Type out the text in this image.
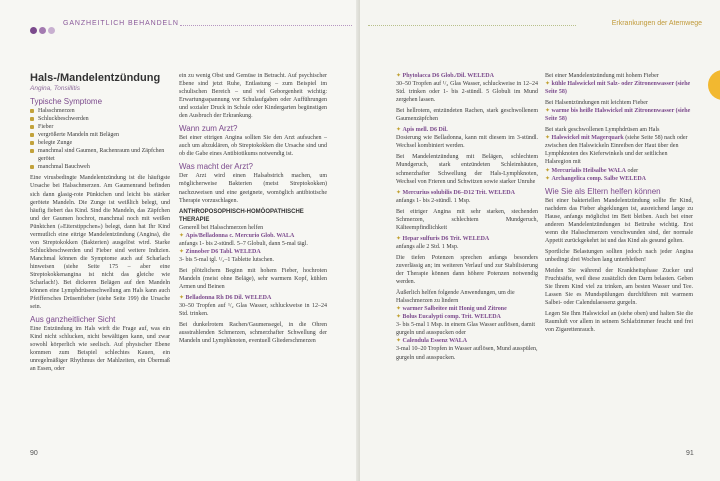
GANZHEITLICH BEHANDELN
Hals-/Mandelentzündung
Angina, Tonsillitis
Typische Symptome
Halsschmerzen
Schluckbeschwerden
Fieber
vergrößerte Mandeln mit Belägen
belegte Zunge
manchmal sind Gaumen, Rachenraum und Zäpfchen gerötet
manchmal Bauchweh

Eine virusbedingte Mandelentzündung ist die häufigste Ursache bei Halsschmerzen. Am Gaumenrand befinden sich dann glasig-rote Pünktchen und leicht bis stärker gerötete Mandeln. Die Zunge ist weißlich belegt, und häufig fiebert das Kind. Sind die Mandeln, das Zäpfchen und der Gaumen hochrot, manchmal noch mit weißen Pünktchen (»Eiterstippchen«) belegt, dann hat Ihr Kind vermutlich eine eitrige Mandelentzündung (Angina), die von Streptokokken (Bakterien) ausgelöst wird. Starke Schluckbeschwerden und Fieber sind weitere Indizien. Manchmal können die Symptome auch auf Scharlach hinweisen (siehe Seite 175 – aber eine Streptokokkenangina ist nicht das gleiche wie Scharlach!). Bei dickeren Belägen auf den Mandeln können eine Lymphdrüsenschwellung am Hals kann auch Pfeiffersches Drüsenfieber (siehe Seite 199) die Ursache sein.

Aus ganzheitlicher Sicht

Eine Entzündung im Hals wirft die Frage auf, was ein Kind nicht schlucken, nicht bewältigen kann, und zwar sowohl körperlich wie seelisch. Auf physischer Ebene kommen zum Beispiel schlechtes Kauen, ein unregelmäßiger Rhythmus der Mahlzeiten, ein Übermaß an Essen, oder

ein zu wenig Obst und Gemüse in Betracht. Auf psychischer Ebene sind jetzt Ruhe, Entlastung – zum Beispiel im schulischen Bereich – und viel Geborgenheit wichtig: Erwartungsspannung vor Schulaufgaben oder Aufführungen und sozialer Druck in Schule oder Kindergarten begünstigen den Ausbruch der Erkrankung.

Wann zum Arzt?

Bei einer eitrigen Angina sollten Sie den Arzt aufsuchen – auch um abzuklären, ob Streptokokken die Ursache sind und ob die Gabe eines Antibiotikums notwendig ist.

Was macht der Arzt?

Der Arzt wird einen Halsabstrich machen, um möglicherweise Bakterien (meist Streptokokken) nachzuweisen und eine geeignete, womöglich antibiotische Therapie vorzuschlagen.

ANTHROPOSOPHISCH-HOMÖOPATHISCHE THERAPIE
Generell bei Halsschmerzen helfen
✦ Apis/Belladonna c. Mercurio Glob. WALA
anfangs 1- bis 2-stündl. 5–7 Globuli, dann 5-mal tägl.
✦ Zinnober D6 Tabl. WELEDA

3- bis 5-mal tgl. ¹/₂–1 Tablette lutschen.

Bei plötzlichem Beginn mit hohem Fieber, hochroten Mandeln (meist ohne Beläge), sehr warmem Kopf, kühlen Armen und Beinen

✦ Belladonna Rh D6 Dil. WELEDA

30–50 Tropfen auf ¹/₂ Glas Wasser, schluckweise in 12–24 Std. trinken.

Bei dunkelrotem Rachen/Gaumensegel, in die Ohren ausstrahlenden Schmerzen, schmerzhafter Schwellung der Mandeln und Lymphknoten, eventuell Gliederschmerzen

90
Erkrankungen der Atemwege
✦ Phytolacca D6 Glob./Dil. WELEDA

30–50 Tropfen auf ¹/₂ Glas Wasser, schluckweise in 12–24 Std. trinken oder 1- bis 2-stündl. 5 Globuli im Mund zergehen lassen.

Bei hellrotem, entzündeten Rachen, stark geschwollenem Gaumenzäpfchen

✦ Apis mell. D6 Dil.

Dosierung wie Belladonna, kann mit diesem im 3-stündl. Wechsel kombiniert werden.

Bei Mandelentzündung mit Belägen, schlechtem Mundgeruch, stark entzündeten Schleimhäuten, schmerzhafter Schwellung der Hals-Lymphknoten, Wechsel von Frieren und Schwitzen sowie starker Unruhe

✦ Mercurius solubilis D6–D12 Trit. WELEDA

anfangs 1- bis 2-stündl. 1 Msp.

Bei eitriger Angina mit sehr starken, stechenden Schmerzen, schlechtem Mundgeruch, Kälteempfindlichkeit

✦ Hepar sulfuris D6 Trit. WELEDA

anfangs alle 2 Std. 1 Msp.

Die tiefen Potenzen sprechen anfangs besonders zuverlässig an; im weiteren Verlauf und zur Stabilisierung der Therapie können dann höhere Potenzen notwendig werden.

Äußerlich helfen folgende Anwendungen, um die Halsschmerzen zu lindern
✦ warmer Salbeitee mit Honig und Zitrone
✦ Bolus Eucalypti comp. Trit. WELEDA
3- bis 5-mal 1 Msp. in einem Glas Wasser auflösen, damit gurgeln und ausspucken oder
✦ Calendula Essenz WALA
3-mal 10–20 Tropfen in Wasser auflösen, Mund ausspülen, gurgeln und ausspucken.
Bei einer Mandelentzündung mit hohem Fieber
✦ kühle Halswickel mit Salz- oder Zitronenwasser (siehe Seite 58)
Bei Halsentzündungen mit leichtem Fieber
✦ warme bis heiße Halswickel mit Zitronenwasser (siehe Seite 58)
Bei stark geschwollenen Lymphdrüsen am Hals
✦ Halswickel mit Magerquark (siehe Seite 58) nach oder zwischen den Halswickeln Einreiben der Haut über den Lymphknoten des Kieferwinkels und der seitlichen Halsregion mit
✦ Mercurialis Heilsalbe WALA oder
✦ Archangelica comp. Salbe WELEDA
Wie Sie als Eltern helfen können

Bei einer bakteriellen Mandelentzündung sollte Ihr Kind, nachdem das Fieber abgeklungen ist, ausreichend lange zu Hause, anfangs möglichst im Bett bleiben. Auch bei einer anderen Mandelentzündungen ist Bettruhe wichtig. Erst wenn die Halsschmerzen verschwunden sind, der normale Appetit zurückgekehrt ist und das Kind als gesund gelten.

Sportliche Belastungen sollten jedoch nach jeder Angina unbedingt drei Wochen lang unterbleiben!

Meiden Sie während der Krankheitsphase Zucker und Fruchtsäfte, weil diese zusätzlich den Darm belasten. Geben Sie Ihrem Kind viel zu trinken, am besten Wasser und Tee. Lassen Sie es Mundspülungen durchführen mit warmem Salbei- oder Calendulaessenz gurgeln.

Legen Sie Ihm Halswickel an (siehe oben) und halten Sie die Raumluft vor allem in seinem Schlafzimmer feucht und frei von Zigarettenrauch.

91
